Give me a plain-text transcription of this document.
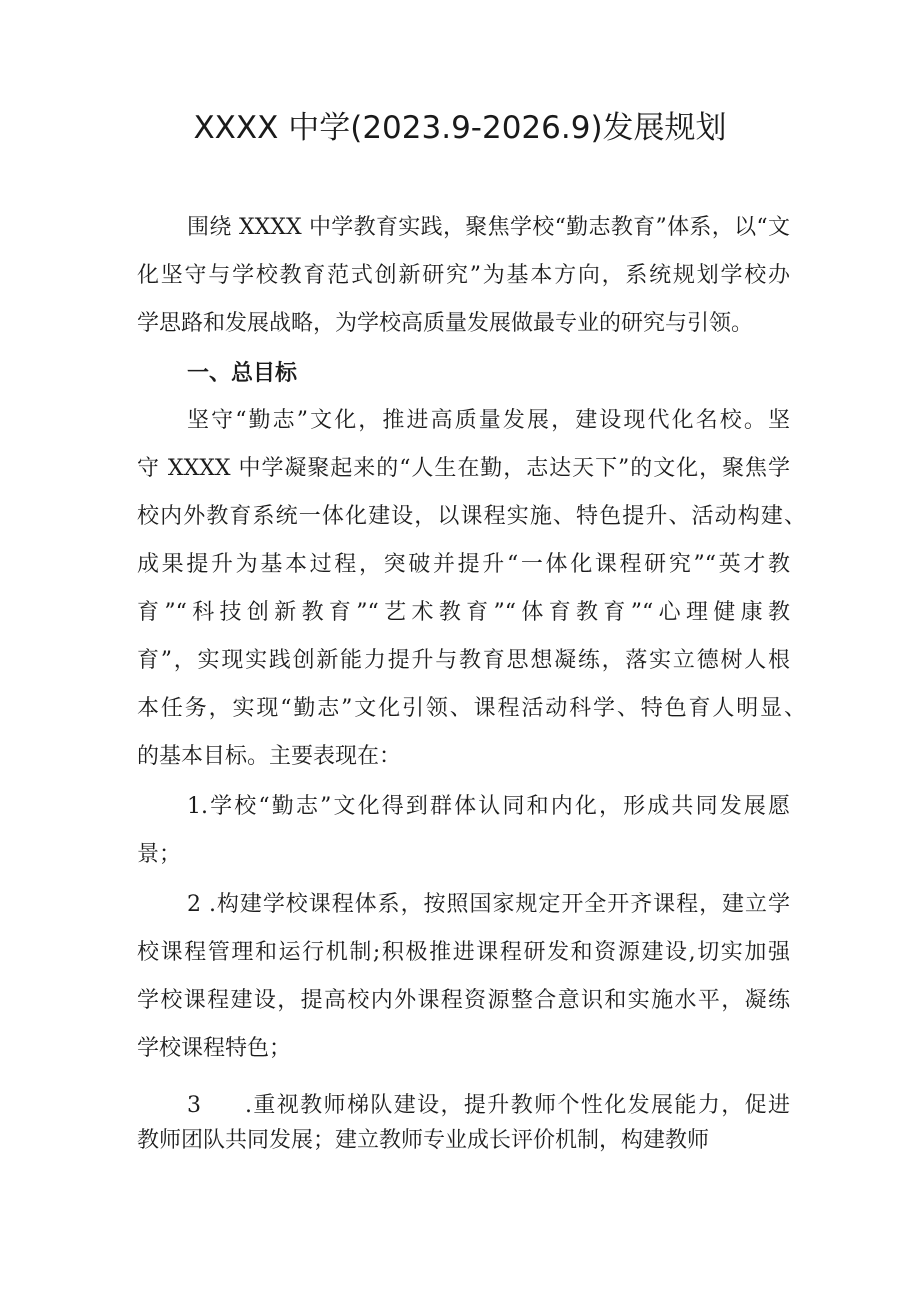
XXXX 中学(2023.9-2026.9)发展规划
围绕 XXXX 中学教育实践，聚焦学校“勤志教育”体系，以“文
化坚守与学校教育范式创新研究”为基本方向，系统规划学校办
学思路和发展战略，为学校高质量发展做最专业的研究与引领。
一、总目标
坚守“勤志”文化，推进高质量发展，建设现代化名校。坚
守 XXXX 中学凝聚起来的“人生在勤，志达天下”的文化，聚焦学
校内外教育系统一体化建设，以课程实施、特色提升、活动构建、
成果提升为基本过程，突破并提升“一体化课程研究”“英才教
育”“科技创新教育”“艺术教育”“体育教育”“心理健康教
育”，实现实践创新能力提升与教育思想凝练，落实立德树人根
本任务，实现“勤志”文化引领、课程活动科学、特色育人明显、
的基本目标。主要表现在：
1.学校“勤志”文化得到群体认同和内化，形成共同发展愿
景；
2 .构建学校课程体系，按照国家规定开全开齐课程，建立学
校课程管理和运行机制;积极推进课程研发和资源建设,切实加强
学校课程建设，提高校内外课程资源整合意识和实施水平，凝练
学校课程特色；
3 .重视教师梯队建设，提升教师个性化发展能力，促进
教师团队共同发展；建立教师专业成长评价机制，构建教师
